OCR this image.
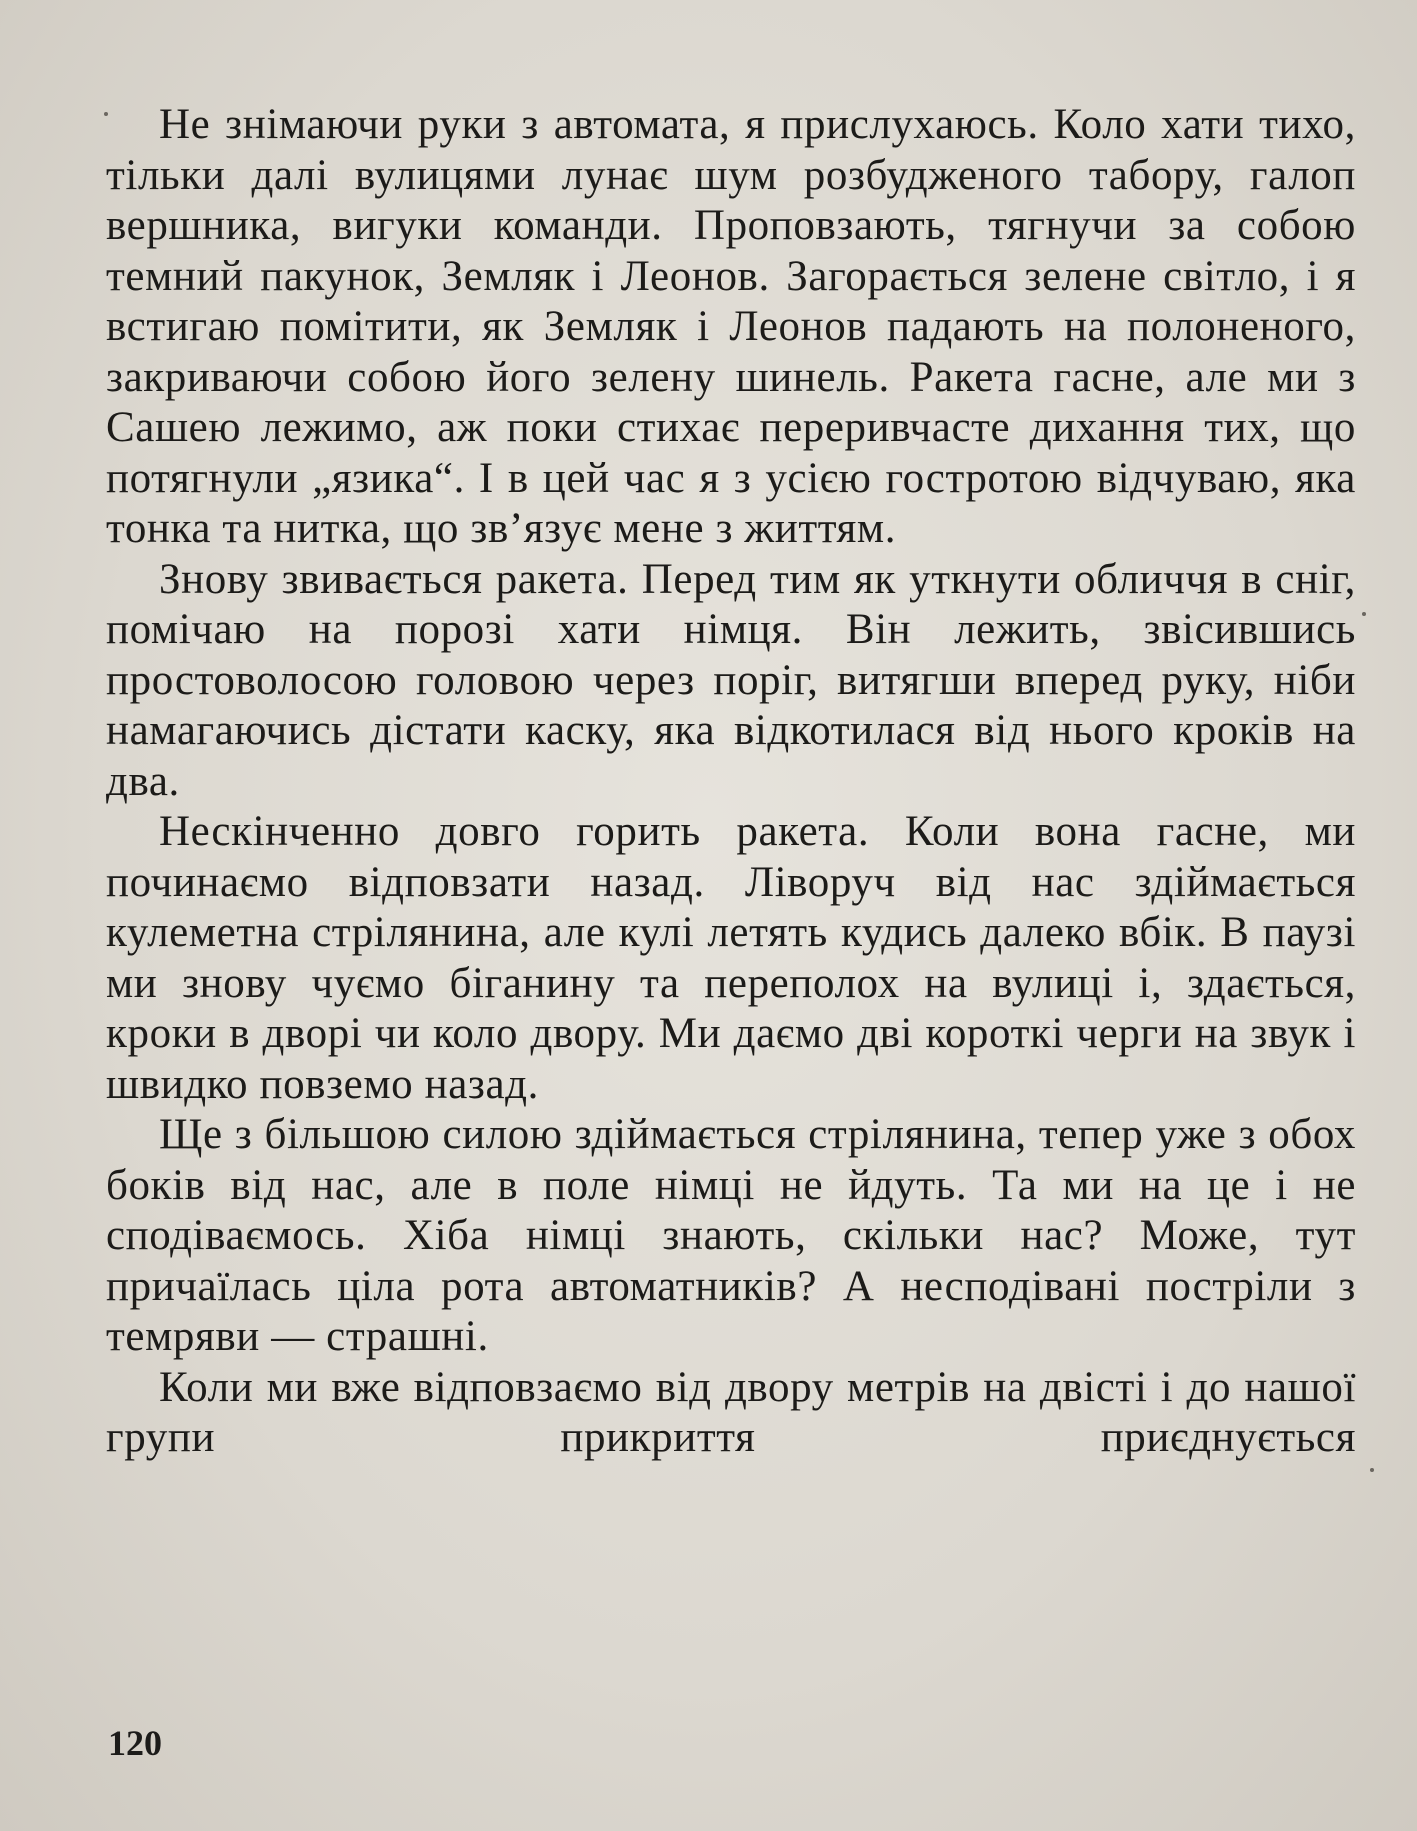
Не знімаючи руки з автомата, я прислухаюсь. Коло хати тихо, тільки далі вулицями лунає шум розбудженого табору, галоп вершника, вигуки команди. Проповзають, тягнучи за собою темний пакунок, Земляк і Леонов. Загорається зелене світло, і я встигаю помітити, як Земляк і Леонов падають на полоненого, закриваючи собою його зелену шинель. Ракета гасне, але ми з Сашею лежимо, аж поки стихає переривчасте дихання тих, що потягнули „язика“. І в цей час я з усією гостротою відчуваю, яка тонка та нитка, що зв’язує мене з життям.

Знову звивається ракета. Перед тим як уткнути обличчя в сніг, помічаю на порозі хати німця. Він лежить, звісившись простоволосою головою через поріг, витягши вперед руку, ніби намагаючись дістати каску, яка відкотилася від нього кроків на два.

Нескінченно довго горить ракета. Коли вона гасне, ми починаємо відповзати назад. Ліворуч від нас здіймається кулеметна стрілянина, але кулі летять кудись далеко вбік. В паузі ми знову чуємо біганину та переполох на вулиці і, здається, кроки в дворі чи коло двору. Ми даємо дві короткі черги на звук і швидко повземо назад.

Ще з більшою силою здіймається стрілянина, тепер уже з обох боків від нас, але в поле німці не йдуть. Та ми на це і не сподіваємось. Хіба німці знають, скільки нас? Може, тут причаїлась ціла рота автоматників? А несподівані постріли з темряви — страшні.

Коли ми вже відповзаємо від двору метрів на двісті і до нашої групи прикриття приєднується

120
